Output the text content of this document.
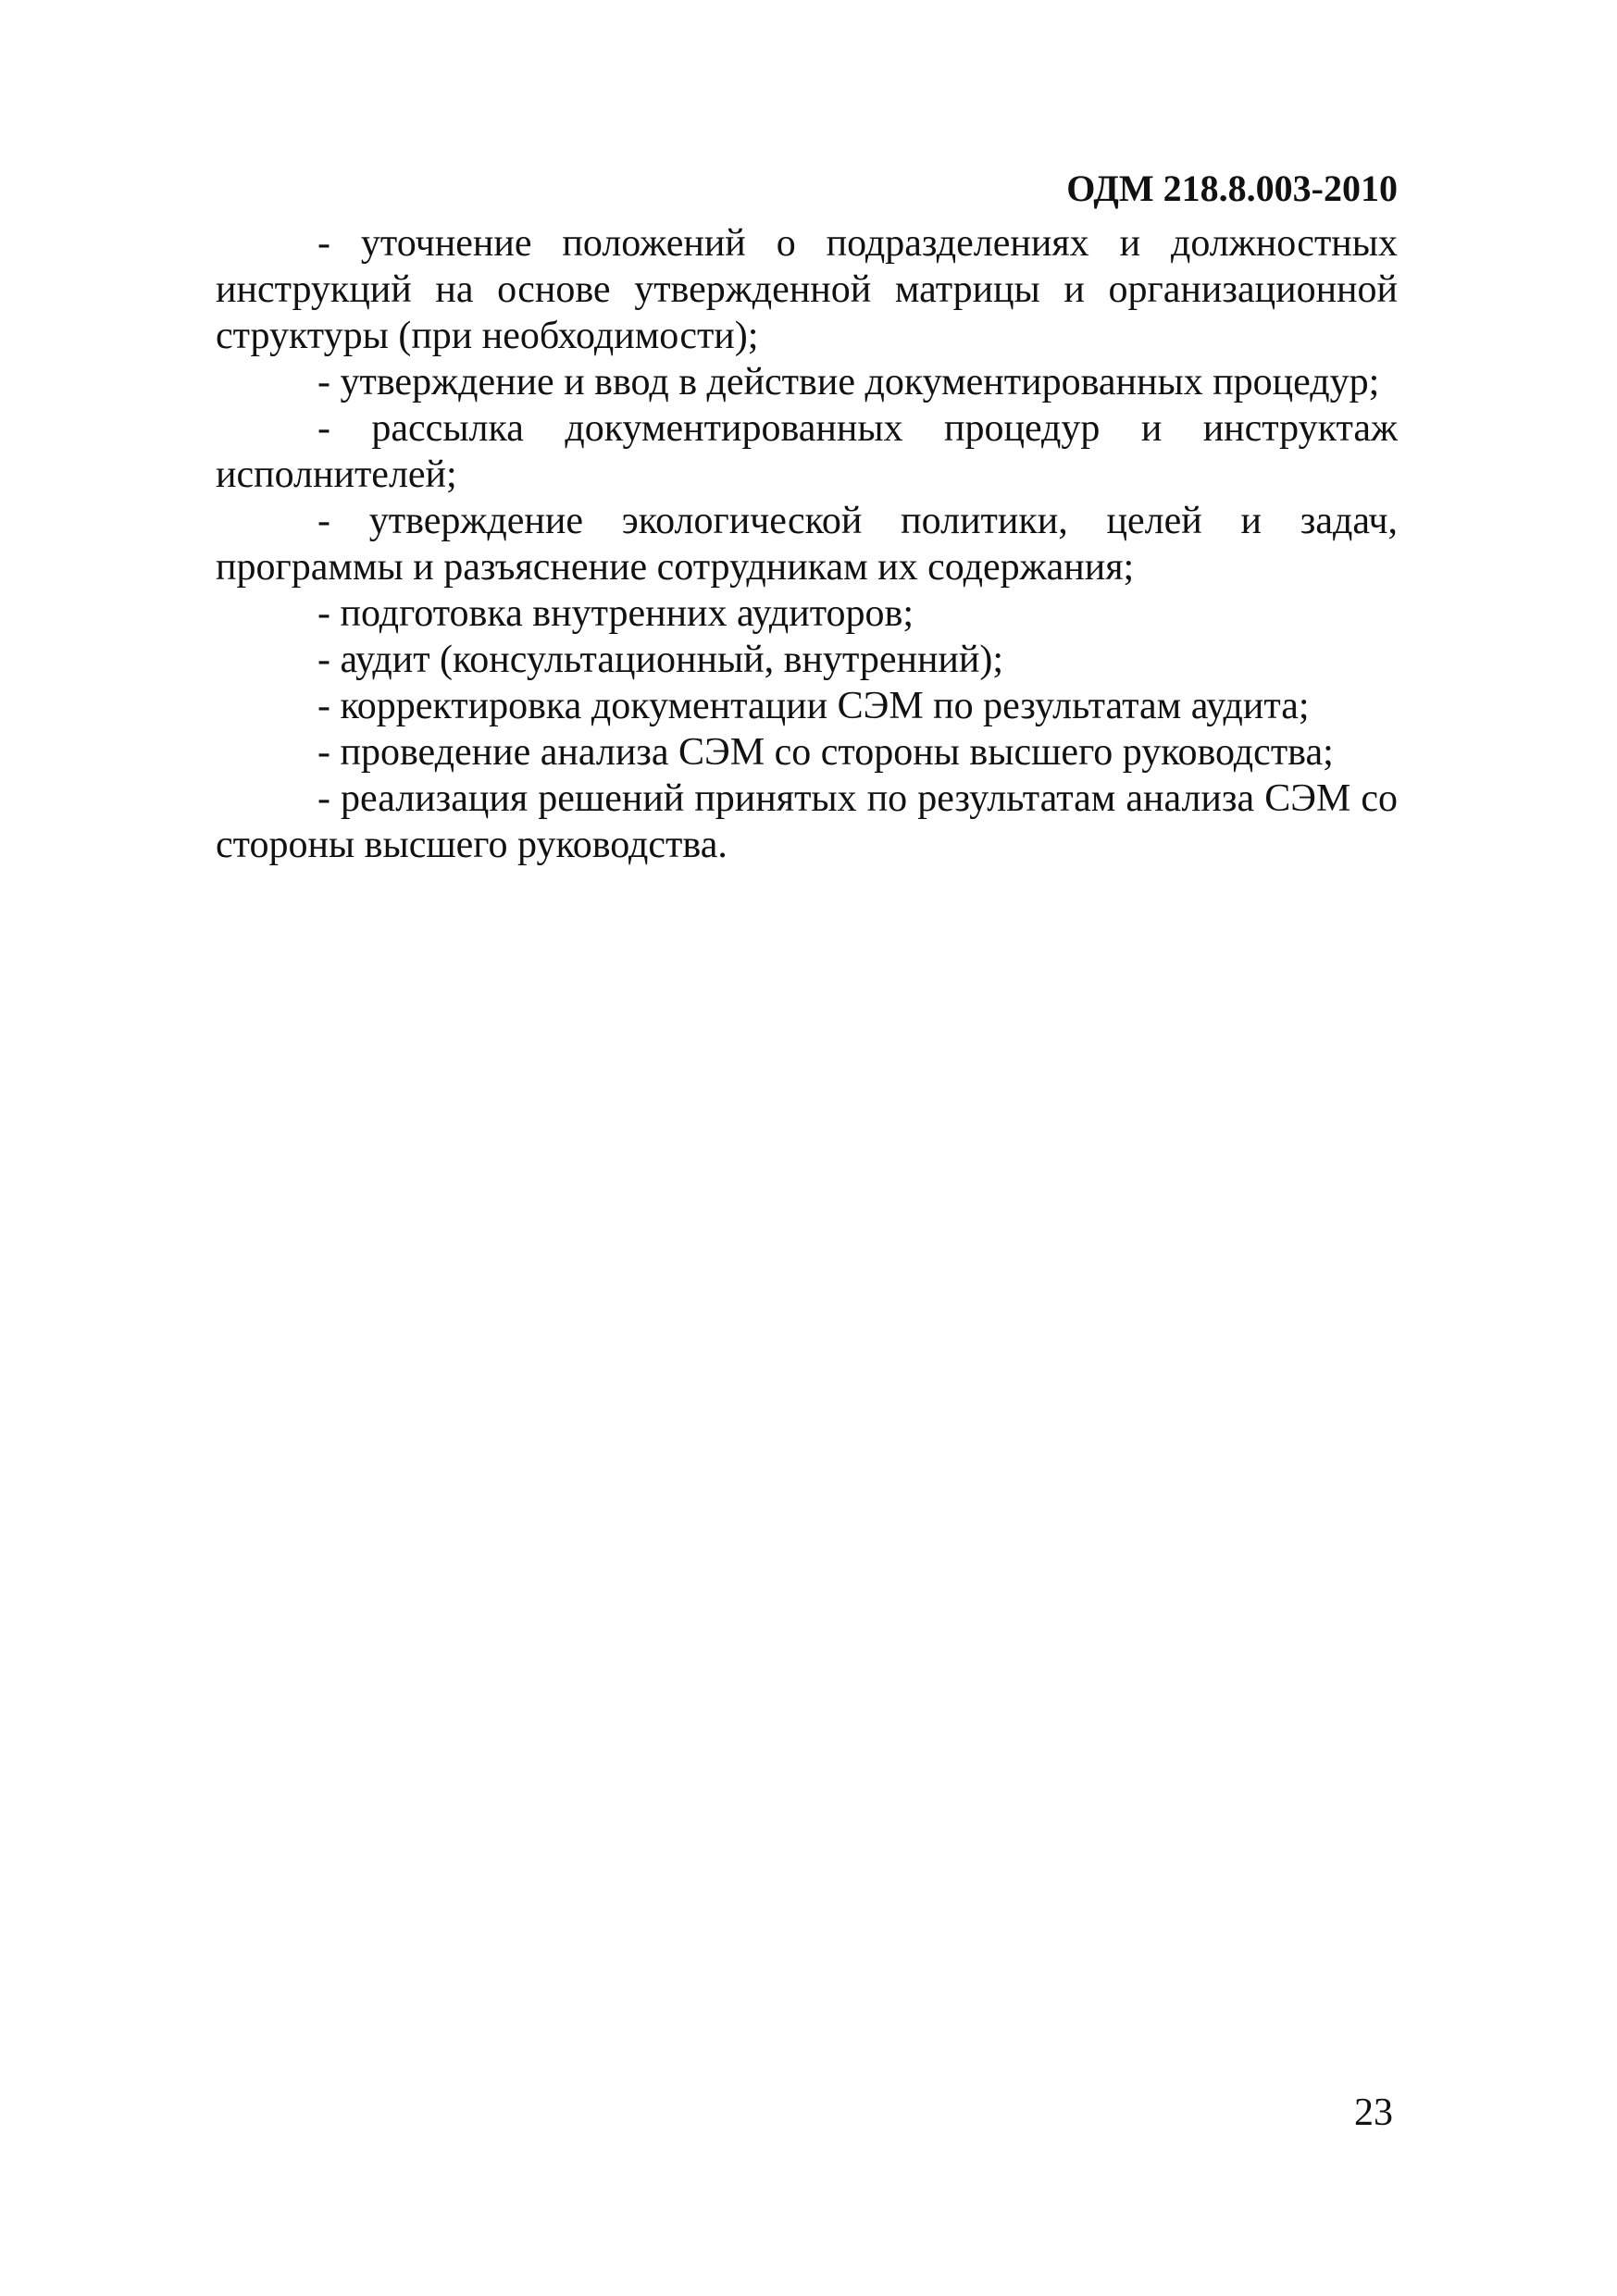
ОДМ 218.8.003-2010

- уточнение положений о подразделениях и должностных инструкций на основе утвержденной матрицы и организационной структуры (при необходимости);

- утверждение и ввод в действие документированных процедур;

- рассылка документированных процедур и инструктаж исполнителей;

- утверждение экологической политики, целей и задач, программы и разъяснение сотрудникам их содержания;

- подготовка внутренних аудиторов;

- аудит (консультационный, внутренний);

- корректировка документации СЭМ по результатам аудита;

- проведение анализа СЭМ со стороны высшего руководства;

- реализация решений принятых по результатам анализа СЭМ со стороны высшего руководства.

23
